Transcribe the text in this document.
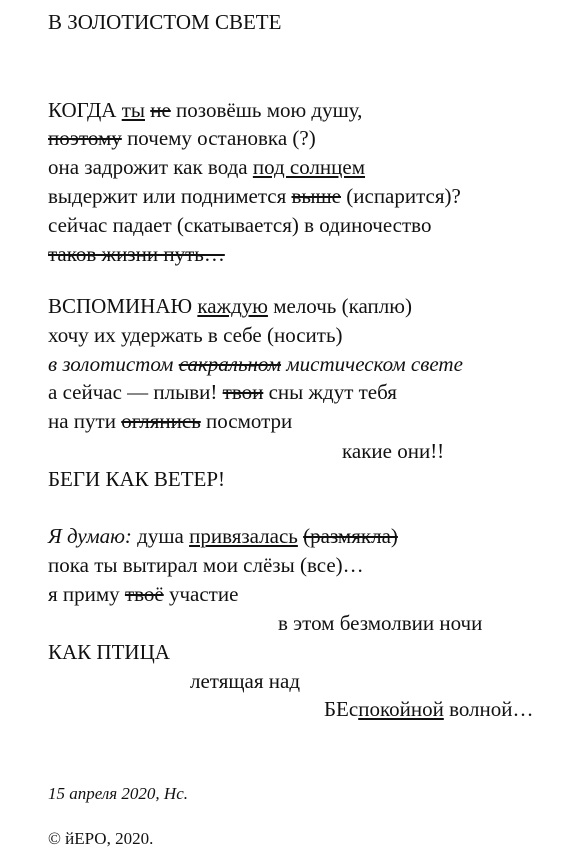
В ЗОЛОТИСТОМ СВЕТЕ
КОГДА ты не позовёшь мою душу,
поэтому почему остановка (?)
она задрожит как вода под солнцем
выдержит или поднимется выше (испарится)?
сейчас падает (скатывается) в одиночество
таков жизни путь…
ВСПОМИНАЮ каждую мелочь (каплю)
хочу их удержать в себе (носить)
в золотистом сакральном мистическом свете
а сейчас — плыви! твои сны ждут тебя
на пути оглянись посмотри
какие они!!
БЕГИ КАК ВЕТЕР!
Я думаю: душа привязалась (размякла)
пока ты вытирал мои слёзы (все)…
я приму твоё участие
в этом безмолвии ночи
КАК ПТИЦА
летящая над
БЕспокойной волной…
15 апреля 2020, Нс.
© йЕРО, 2020.
